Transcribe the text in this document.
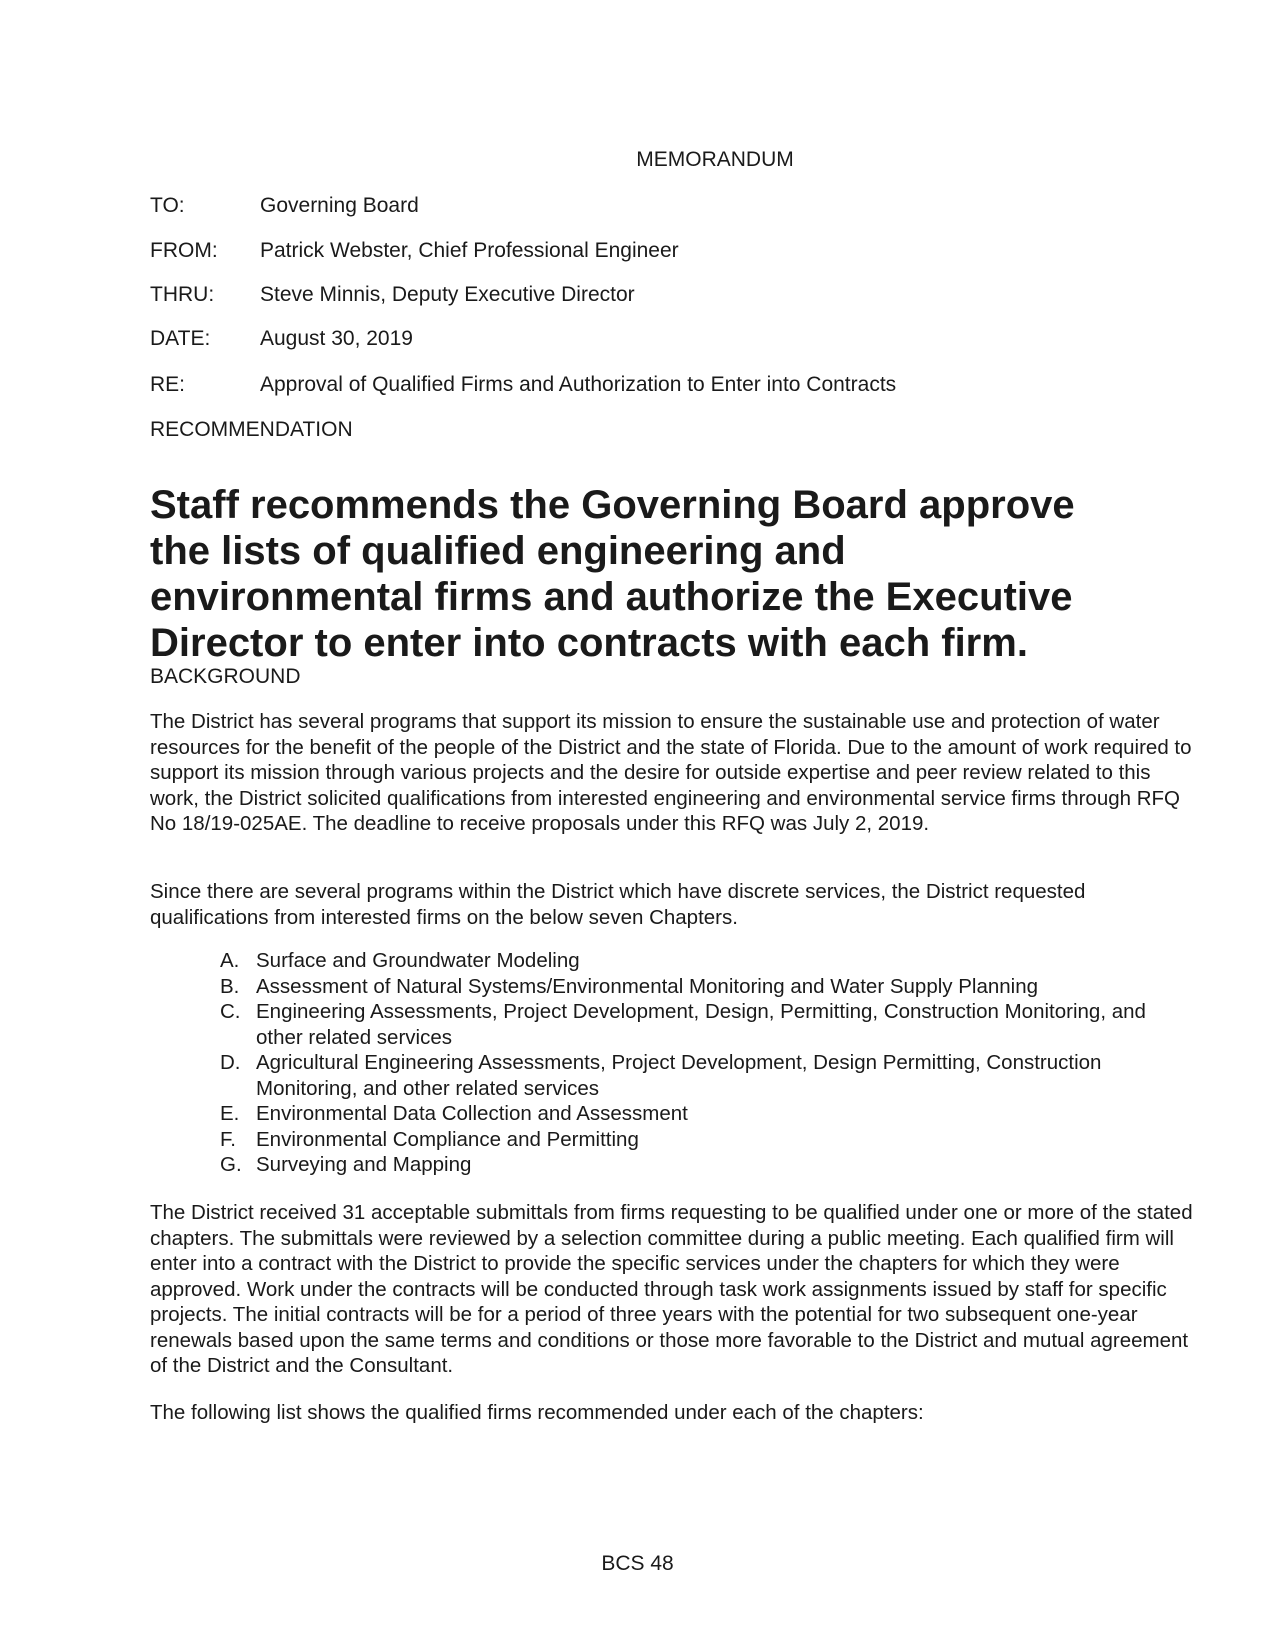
MEMORANDUM
TO:	Governing Board
FROM:	Patrick Webster, Chief Professional Engineer
THRU:	Steve Minnis, Deputy Executive Director
DATE:	August 30, 2019
RE:	Approval of Qualified Firms and Authorization to Enter into Contracts
RECOMMENDATION
Staff recommends the Governing Board approve the lists of qualified engineering and environmental firms and authorize the Executive Director to enter into contracts with each firm.
BACKGROUND

The District has several programs that support its mission to ensure the sustainable use and protection of water resources for the benefit of the people of the District and the state of Florida. Due to the amount of work required to support its mission through various projects and the desire for outside expertise and peer review related to this work, the District solicited qualifications from interested engineering and environmental service firms through RFQ No 18/19-025AE. The deadline to receive proposals under this RFQ was July 2, 2019.

Since there are several programs within the District which have discrete services, the District requested qualifications from interested firms on the below seven Chapters.

A. Surface and Groundwater Modeling
B. Assessment of Natural Systems/Environmental Monitoring and Water Supply Planning
C. Engineering Assessments, Project Development, Design, Permitting, Construction Monitoring, and other related services
D. Agricultural Engineering Assessments, Project Development, Design Permitting, Construction Monitoring, and other related services
E. Environmental Data Collection and Assessment
F. Environmental Compliance and Permitting
G. Surveying and Mapping

The District received 31 acceptable submittals from firms requesting to be qualified under one or more of the stated chapters. The submittals were reviewed by a selection committee during a public meeting. Each qualified firm will enter into a contract with the District to provide the specific services under the chapters for which they were approved. Work under the contracts will be conducted through task work assignments issued by staff for specific projects. The initial contracts will be for a period of three years with the potential for two subsequent one-year renewals based upon the same terms and conditions or those more favorable to the District and mutual agreement of the District and the Consultant.

The following list shows the qualified firms recommended under each of the chapters:

BCS 48
